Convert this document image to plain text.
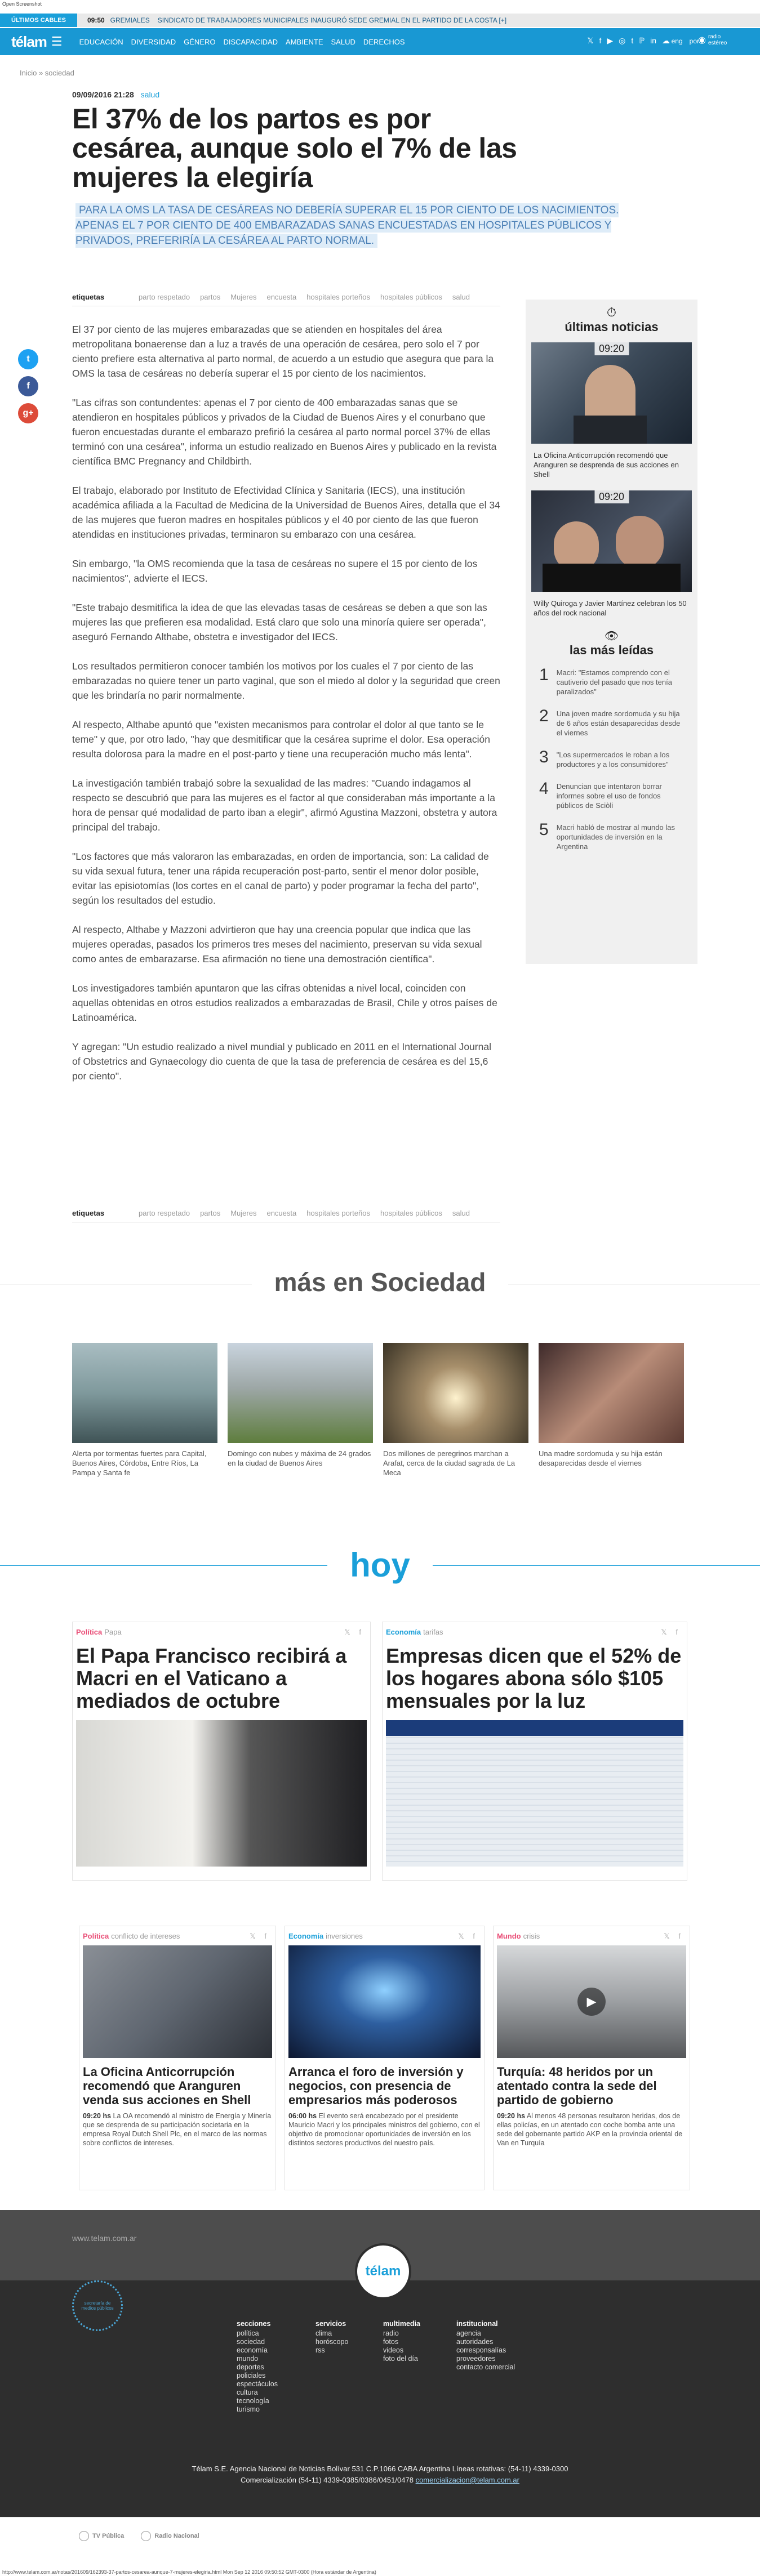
Open Screenshot
ÚLTIMOS CABLES	09:50 GREMIALES SINDICATO DE TRABAJADORES MUNICIPALES INAUGURÓ SEDE GREMIAL EN EL PARTIDO DE LA COSTA [+]
télam ☰ EDUCACIÓN DIVERSIDAD GÉNERO DISCAPACIDAD AMBIENTE SALUD DERECHOS	𝕏 f ▶ ◎ t ℙ in ☁ eng por
◉ radio estéreo
Inicio » sociedad
09/09/2016 21:28 salud
El 37% de los partos es por cesárea, aunque solo el 7% de las mujeres la elegiría
PARA LA OMS LA TASA DE CESÁREAS NO DEBERÍA SUPERAR EL 15 POR CIENTO DE LOS NACIMIENTOS. APENAS EL 7 POR CIENTO DE 400 EMBARAZADAS SANAS ENCUESTADAS EN HOSPITALES PÚBLICOS Y PRIVADOS, PREFERIRÍA LA CESÁREA AL PARTO NORMAL.
etiquetas	parto respetado partos Mujeres encuesta hospitales porteños hospitales públicos salud
t
f
g+

El 37 por ciento de las mujeres embarazadas que se atienden en hospitales del área metropolitana bonaerense dan a luz a través de una operación de cesárea, pero solo el 7 por ciento prefiere esta alternativa al parto normal, de acuerdo a un estudio que asegura que para la OMS la tasa de cesáreas no debería superar el 15 por ciento de los nacimientos.

"Las cifras son contundentes: apenas el 7 por ciento de 400 embarazadas sanas que se atendieron en hospitales públicos y privados de la Ciudad de Buenos Aires y el conurbano que fueron encuestadas durante el embarazo prefirió la cesárea al parto normal porcel 37% de ellas terminó con una cesárea", informa un estudio realizado en Buenos Aires y publicado en la revista científica BMC Pregnancy and Childbirth.

El trabajo, elaborado por Instituto de Efectividad Clínica y Sanitaria (IECS), una institución académica afiliada a la Facultad de Medicina de la Universidad de Buenos Aires, detalla que el 34 de las mujeres que fueron madres en hospitales públicos y el 40 por ciento de las que fueron atendidas en instituciones privadas, terminaron su embarazo con una cesárea.

Sin embargo, "la OMS recomienda que la tasa de cesáreas no supere el 15 por ciento de los nacimientos", advierte el IECS.

"Este trabajo desmitifica la idea de que las elevadas tasas de cesáreas se deben a que son las mujeres las que prefieren esa modalidad. Está claro que solo una minoría quiere ser operada", aseguró Fernando Althabe, obstetra e investigador del IECS.

Los resultados permitieron conocer también los motivos por los cuales el 7 por ciento de las embarazadas no quiere tener un parto vaginal, que son el miedo al dolor y la seguridad que creen que les brindaría no parir normalmente.

Al respecto, Althabe apuntó que "existen mecanismos para controlar el dolor al que tanto se le teme" y que, por otro lado, "hay que desmitificar que la cesárea suprime el dolor. Esa operación resulta dolorosa para la madre en el post-parto y tiene una recuperación mucho más lenta".

La investigación también trabajó sobre la sexualidad de las madres: "Cuando indagamos al respecto se descubrió que para las mujeres es el factor al que consideraban más importante a la hora de pensar qué modalidad de parto iban a elegir", afirmó Agustina Mazzoni, obstetra y autora principal del trabajo.

"Los factores que más valoraron las embarazadas, en orden de importancia, son: La calidad de su vida sexual futura, tener una rápida recuperación post-parto, sentir el menor dolor posible, evitar las episiotomías (los cortes en el canal de parto) y poder programar la fecha del parto", según los resultados del estudio.

Al respecto, Althabe y Mazzoni advirtieron que hay una creencia popular que indica que las mujeres operadas, pasados los primeros tres meses del nacimiento, preservan su vida sexual como antes de embarazarse. Esa afirmación no tiene una demostración científica".

Los investigadores también apuntaron que las cifras obtenidas a nivel local, coinciden con aquellas obtenidas en otros estudios realizados a embarazadas de Brasil, Chile y otros países de Latinoamérica.

Y agregan: "Un estudio realizado a nivel mundial y publicado en 2011 en el International Journal of Obstetrics and Gynaecology dio cuenta de que la tasa de preferencia de cesárea es del 15,6 por ciento".

etiquetas	parto respetado partos Mujeres encuesta hospitales porteños hospitales públicos salud
⏱
últimas noticias
09:20
La Oficina Anticorrupción recomendó que Aranguren se desprenda de sus acciones en Shell
09:20
Willy Quiroga y Javier Martínez celebran los 50 años del rock nacional
👁
las más leídas
1 Macri: "Estamos comprendo con el cautiverio del pasado que nos tenía paralizados"
2 Una joven madre sordomuda y su hija de 6 años están desaparecidas desde el viernes
3 "Los supermercados le roban a los productores y a los consumidores"
4 Denuncian que intentaron borrar informes sobre el uso de fondos públicos de Sciòli
5 Macri habló de mostrar al mundo las oportunidades de inversión en la Argentina
más en Sociedad
Alerta por tormentas fuertes para Capital, Buenos Aires, Córdoba, Entre Ríos, La Pampa y Santa fe
Domingo con nubes y máxima de 24 grados en la ciudad de Buenos Aires
Dos millones de peregrinos marchan a Arafat, cerca de la ciudad sagrada de La Meca
Una madre sordomuda y su hija están desaparecidas desde el viernes
hoy
Política Papa	𝕏 f
El Papa Francisco recibirá a Macri en el Vaticano a mediados de octubre
Economía tarifas	𝕏 f
Empresas dicen que el 52% de los hogares abona sólo $105 mensuales por la luz
Política conflicto de intereses	𝕏 f
La Oficina Anticorrupción recomendó que Aranguren venda sus acciones en Shell
09:20 hs La OA recomendó al ministro de Energía y Minería que se desprenda de su participación societaria en la empresa Royal Dutch Shell Plc, en el marco de las normas sobre conflictos de intereses.
Economía inversiones	𝕏 f
Arranca el foro de inversión y negocios, con presencia de empresarios más poderosos
06:00 hs El evento será encabezado por el presidente Mauricio Macri y los principales ministros del gobierno, con el objetivo de promocionar oportunidades de inversión en los distintos sectores productivos del nuestro país.
Mundo crisis	𝕏 f
▶
Turquía: 48 heridos por un atentado contra la sede del partido de gobierno
09:20 hs Al menos 48 personas resultaron heridas, dos de ellas policías, en un atentado con coche bomba ante una sede del gobernante partido AKP en la provincia oriental de Van en Turquía
www.telam.com.ar
télam
secretaría de medios públicos
secciones
política
sociedad
economía
mundo
deportes
policiales
espectáculos
cultura
tecnología
turismo
servicios
clima
horóscopo
rss
multimedia
radio
fotos
videos
foto del día
institucional
agencia
autoridades
corresponsalías
proveedores
contacto comercial
Télam S.E. Agencia Nacional de Noticias Bolívar 531 C.P.1066 CABA Argentina Líneas rotativas: (54-11) 4339-0300
Comercialización (54-11) 4339-0385/0386/0451/0478 comercializacion@telam.com.ar
TV Pública	Radio Nacional
http://www.telam.com.ar/notas/201609/162393-37-partos-cesarea-aunque-7-mujeres-elegiria.html Mon Sep 12 2016 09:50:52 GMT-0300 (Hora estándar de Argentina)
